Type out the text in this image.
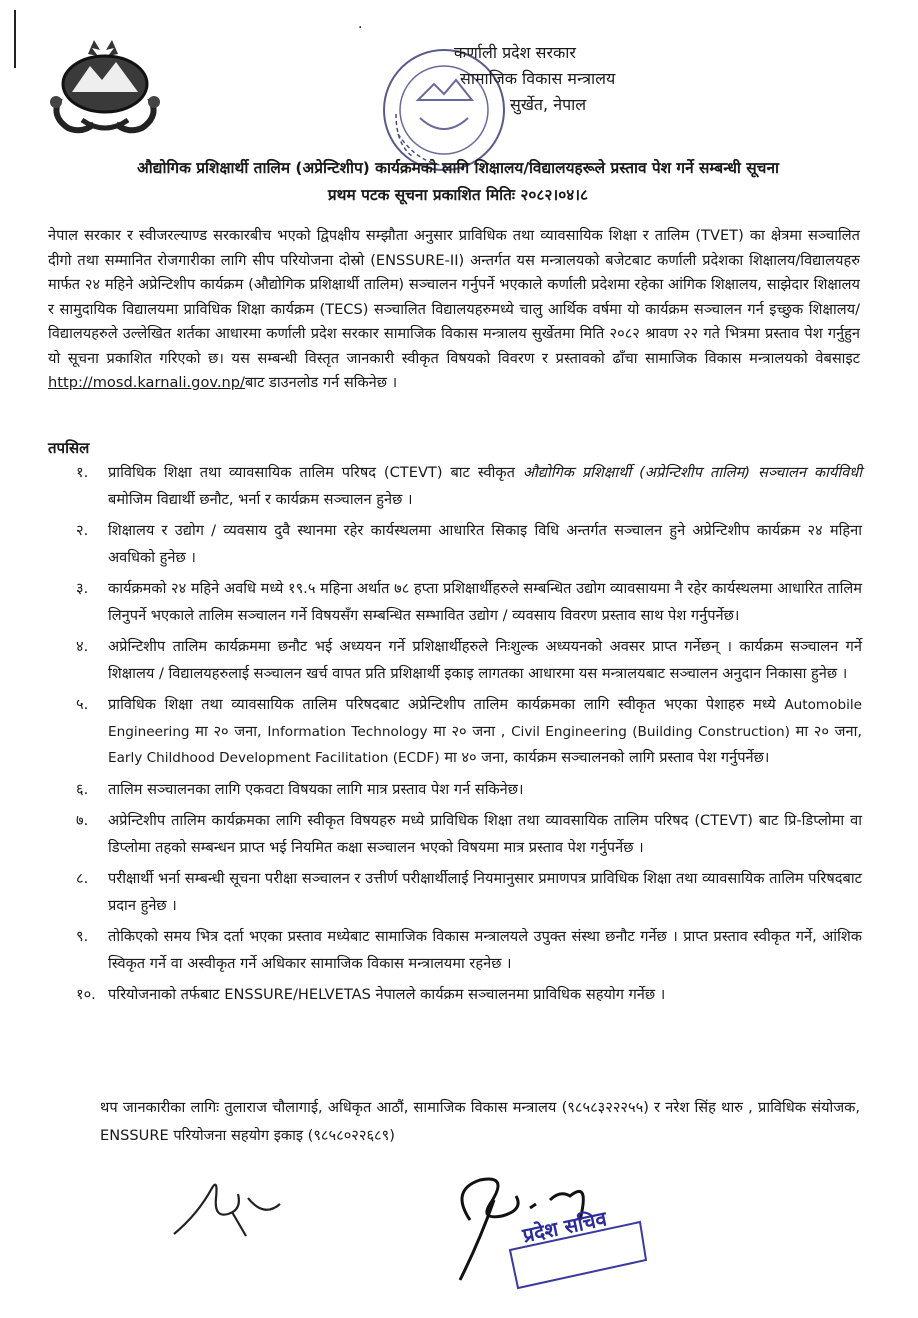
·
कर्णाली प्रदेश सरकार
सामाजिक विकास मन्त्रालय
सुर्खेत, नेपाल
औद्योगिक प्रशिक्षार्थी तालिम (अप्रेन्टिशीप) कार्यक्रमको लागि शिक्षालय/विद्यालयहरूले प्रस्ताव पेश गर्ने सम्बन्धी सूचना
प्रथम पटक सूचना प्रकाशित मितिः २०८२।०४।८
नेपाल सरकार र स्वीजरल्याण्ड सरकारबीच भएको द्विपक्षीय सम्झौता अनुसार प्राविधिक तथा व्यावसायिक शिक्षा र तालिम (TVET) का क्षेत्रमा सञ्चालित दीगो तथा सम्मानित रोजगारीका लागि सीप परियोजना दोस्रो (ENSSURE-II) अन्तर्गत यस मन्त्रालयको बजेटबाट कर्णाली प्रदेशका शिक्षालय/विद्यालयहरु मार्फत २४ महिने अप्रेन्टिशीप कार्यक्रम (औद्योगिक प्रशिक्षार्थी तालिम) सञ्चालन गर्नुपर्ने भएकाले कर्णाली प्रदेशमा रहेका आंगिक शिक्षालय, साझेदार शिक्षालय र सामुदायिक विद्यालयमा प्राविधिक शिक्षा कार्यक्रम (TECS) सञ्चालित विद्यालयहरुमध्ये चालु आर्थिक वर्षमा यो कार्यक्रम सञ्चालन गर्न इच्छुक शिक्षालय/विद्यालयहरुले उल्लेखित शर्तका आधारमा कर्णाली प्रदेश सरकार सामाजिक विकास मन्त्रालय सुर्खेतमा मिति २०८२ श्रावण २२ गते भित्रमा प्रस्ताव पेश गर्नुहुन यो सूचना प्रकाशित गरिएको छ। यस सम्बन्धी विस्तृत जानकारी स्वीकृत विषयको विवरण र प्रस्तावको ढाँचा सामाजिक विकास मन्त्रालयको वेबसाइट http://mosd.karnali.gov.np/बाट डाउनलोड गर्न सकिनेछ ।
तपसिल
१.	प्राविधिक शिक्षा तथा व्यावसायिक तालिम परिषद (CTEVT) बाट स्वीकृत औद्योगिक प्रशिक्षार्थी (अप्रेन्टिशीप तालिम) सञ्चालन कार्यविधी बमोजिम विद्यार्थी छनौट, भर्ना र कार्यक्रम सञ्चालन हुनेछ ।
२.	शिक्षालय र उद्योग / व्यवसाय दुवै स्थानमा रहेर कार्यस्थलमा आधारित सिकाइ विधि अन्तर्गत सञ्चालन हुने अप्रेन्टिशीप कार्यक्रम २४ महिना अवधिको हुनेछ ।
३.	कार्यक्रमको २४ महिने अवधि मध्ये १९.५ महिना अर्थात ७८ हप्ता प्रशिक्षार्थीहरुले सम्बन्धित उद्योग व्यावसायमा नै रहेर कार्यस्थलमा आधारित तालिम लिनुपर्ने भएकाले तालिम सञ्चालन गर्ने विषयसँग सम्बन्धित सम्भावित उद्योग / व्यवसाय विवरण प्रस्ताव साथ पेश गर्नुपर्नेछ।
४.	अप्रेन्टिशीप तालिम कार्यक्रममा छनौट भई अध्ययन गर्ने प्रशिक्षार्थीहरुले निःशुल्क अध्ययनको अवसर प्राप्त गर्नेछन् । कार्यक्रम सञ्चालन गर्ने शिक्षालय / विद्यालयहरुलाई सञ्चालन खर्च वापत प्रति प्रशिक्षार्थी इकाइ लागतका आधारमा यस मन्त्रालयबाट सञ्चालन अनुदान निकासा हुनेछ ।
५.	प्राविधिक शिक्षा तथा व्यावसायिक तालिम परिषदबाट अप्रेन्टिशीप तालिम कार्यक्रमका लागि स्वीकृत भएका पेशाहरु मध्ये Automobile Engineering मा २० जना, Information Technology मा २० जना , Civil Engineering (Building Construction) मा २० जना, Early Childhood Development Facilitation (ECDF) मा ४० जना, कार्यक्रम सञ्चालनको लागि प्रस्ताव पेश गर्नुपर्नेछ।
६.	तालिम सञ्चालनका लागि एकवटा विषयका लागि मात्र प्रस्ताव पेश गर्न सकिनेछ।
७.	अप्रेन्टिशीप तालिम कार्यक्रमका लागि स्वीकृत विषयहरु मध्ये प्राविधिक शिक्षा तथा व्यावसायिक तालिम परिषद (CTEVT) बाट प्रि-डिप्लोमा वा डिप्लोमा तहको सम्बन्धन प्राप्त भई नियमित कक्षा सञ्चालन भएको विषयमा मात्र प्रस्ताव पेश गर्नुपर्नेछ ।
८.	परीक्षार्थी भर्ना सम्बन्धी सूचना परीक्षा सञ्चालन र उत्तीर्ण परीक्षार्थीलाई नियमानुसार प्रमाणपत्र प्राविधिक शिक्षा तथा व्यावसायिक तालिम परिषदबाट प्रदान हुनेछ ।
९.	तोकिएको समय भित्र दर्ता भएका प्रस्ताव मध्येबाट सामाजिक विकास मन्त्रालयले उपुक्त संस्था छनौट गर्नेछ । प्राप्त प्रस्ताव स्वीकृत गर्ने, आंशिक स्विकृत गर्ने वा अस्वीकृत गर्ने अधिकार सामाजिक विकास मन्त्रालयमा रहनेछ ।
१०. परियोजनाको तर्फबाट ENSSURE/HELVETAS नेपालले कार्यक्रम सञ्चालनमा प्राविधिक सहयोग गर्नेछ ।
थप जानकारीका लागिः तुलाराज चौलागाई, अधिकृत आठौं, सामाजिक विकास मन्त्रालय (९८५८३२२२५५) र नरेश सिंह थारु , प्राविधिक संयोजक, ENSSURE परियोजना सहयोग इकाइ (९८५८०२२६८९)
प्रदेश सचिव
